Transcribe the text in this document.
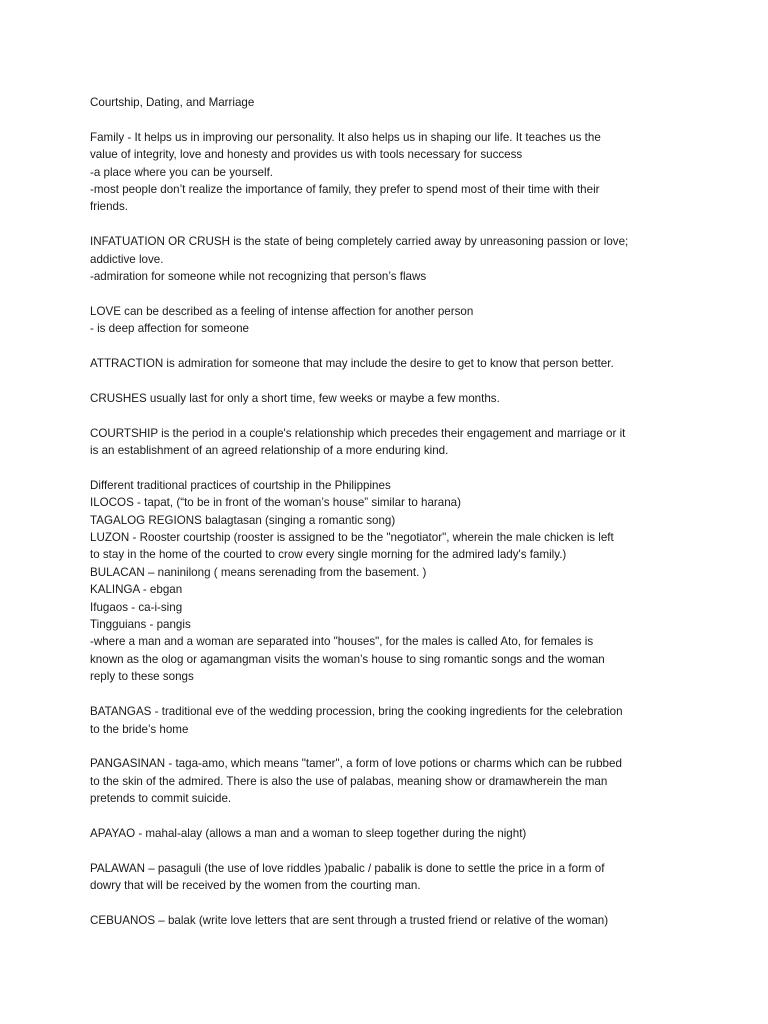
Courtship, Dating, and Marriage
Family - It helps us in improving our personality. It also helps us in shaping our life. It teaches us the
value of integrity, love and honesty and provides us with tools necessary for success
-a place where you can be yourself.
-most people don’t realize the importance of family, they prefer to spend most of their time with their
friends.
INFATUATION OR CRUSH is the state of being completely carried away by unreasoning passion or love;
addictive love.
-admiration for someone while not recognizing that person’s flaws
LOVE can be described as a feeling of intense affection for another person
- is deep affection for someone
ATTRACTION is admiration for someone that may include the desire to get to know that person better.
CRUSHES usually last for only a short time, few weeks or maybe a few months.
COURTSHIP is the period in a couple's relationship which precedes their engagement and marriage or it
is an establishment of an agreed relationship of a more enduring kind.
Different traditional practices of courtship in the Philippines
ILOCOS - tapat, (“to be in front of the woman’s house” similar to harana)
TAGALOG REGIONS balagtasan (singing a romantic song)
LUZON - Rooster courtship (rooster is assigned to be the "negotiator", wherein the male chicken is left
to stay in the home of the courted to crow every single morning for the admired lady's family.)
BULACAN – naninilong ( means serenading from the basement. )
KALINGA - ebgan
Ifugaos - ca-i-sing
Tingguians - pangis
-where a man and a woman are separated into "houses", for the males is called Ato, for females is
known as the olog or agamangman visits the woman’s house to sing romantic songs and the woman
reply to these songs
BATANGAS - traditional eve of the wedding procession, bring the cooking ingredients for the celebration
to the bride’s home
PANGASINAN - taga-amo, which means "tamer", a form of love potions or charms which can be rubbed
to the skin of the admired. There is also the use of palabas, meaning show or dramawherein the man
pretends to commit suicide.
APAYAO - mahal-alay (allows a man and a woman to sleep together during the night)
PALAWAN – pasaguli (the use of love riddles )pabalic / pabalik is done to settle the price in a form of
dowry that will be received by the women from the courting man.
CEBUANOS – balak (write love letters that are sent through a trusted friend or relative of the woman)
